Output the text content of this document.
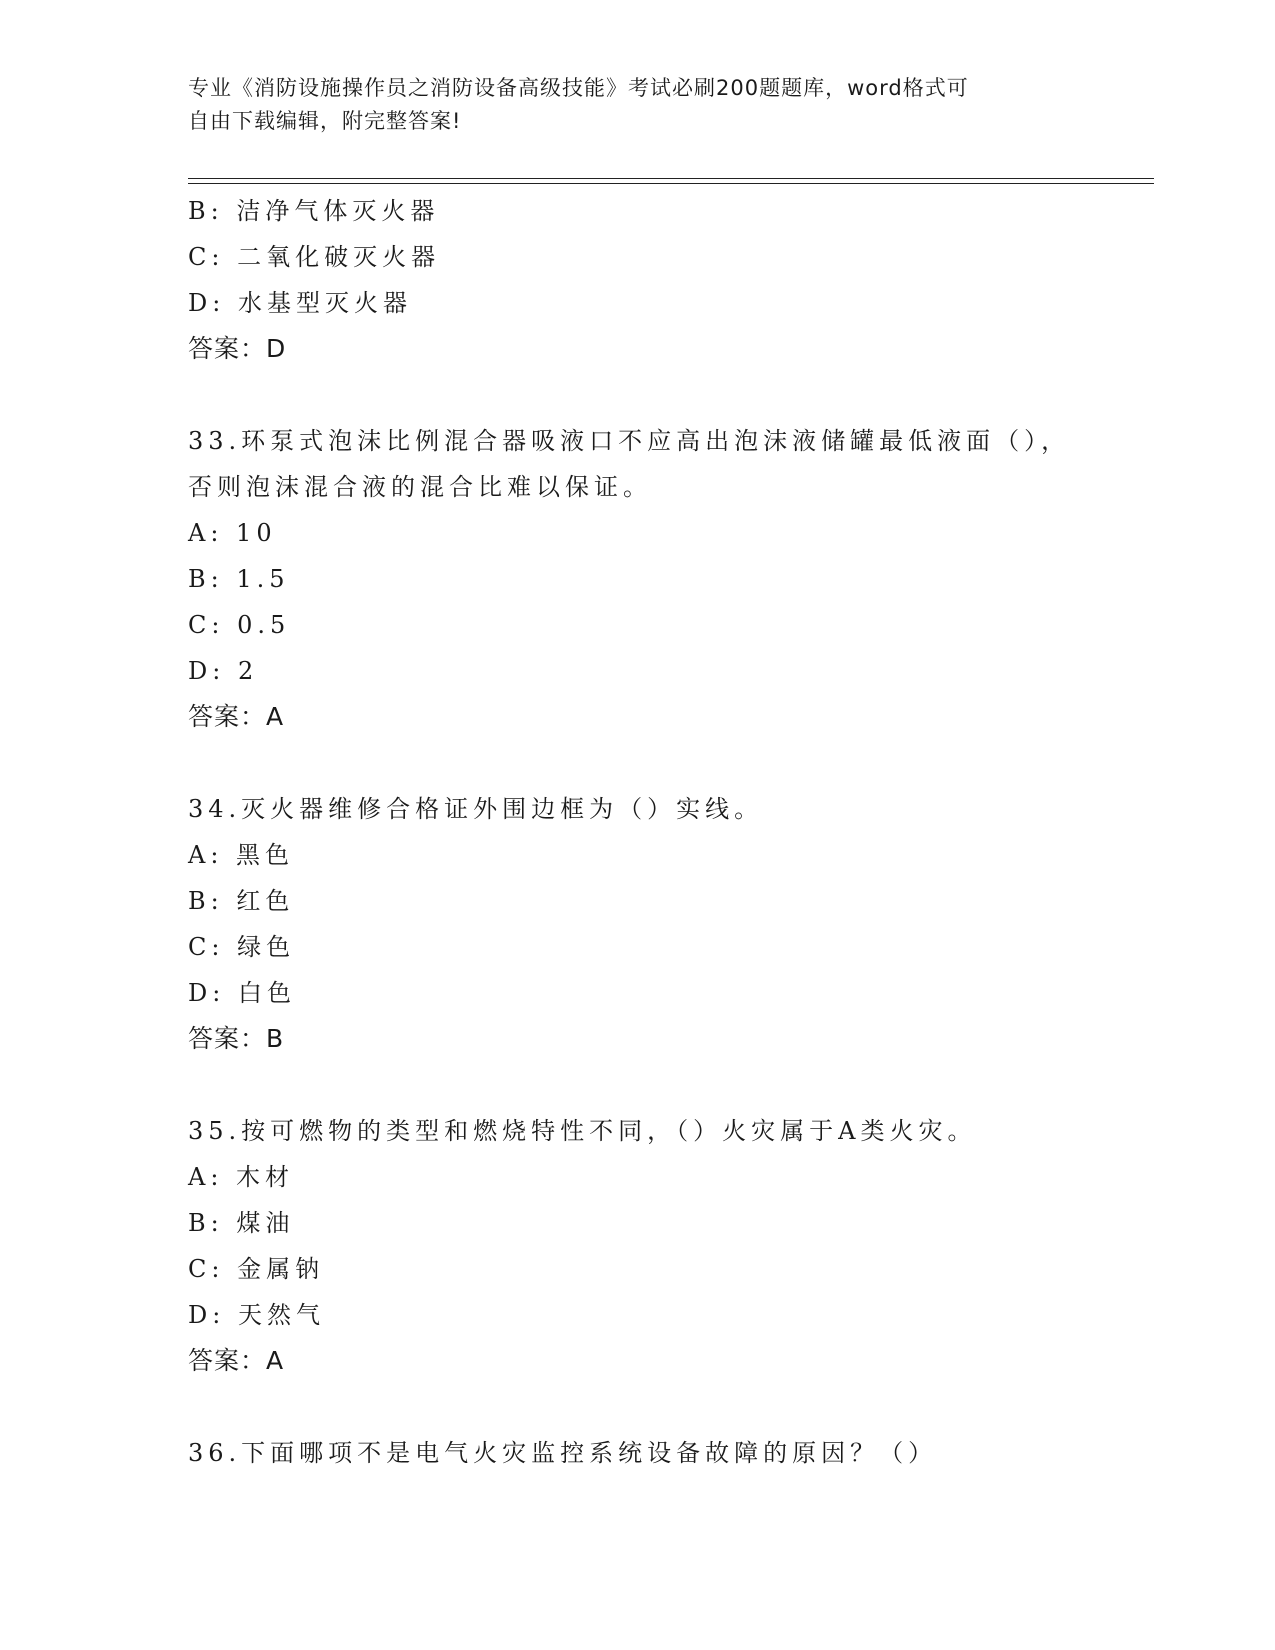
专业《消防设施操作员之消防设备高级技能》考试必刷200题题库，word格式可
自由下载编辑，附完整答案!
B: 洁净气体灭火器
C: 二氧化破灭火器
D: 水基型灭火器
答案：D
33.环泵式泡沫比例混合器吸液口不应高出泡沫液储罐最低液面（），
否则泡沫混合液的混合比难以保证。
A: 10
B: 1.5
C: 0.5
D: 2
答案：A
34.灭火器维修合格证外围边框为（）实线。
A: 黑色
B: 红色
C: 绿色
D: 白色
答案：B
35.按可燃物的类型和燃烧特性不同，（）火灾属于A类火灾。
A: 木材
B: 煤油
C: 金属钠
D: 天然气
答案：A
36.下面哪项不是电气火灾监控系统设备故障的原因？（）
